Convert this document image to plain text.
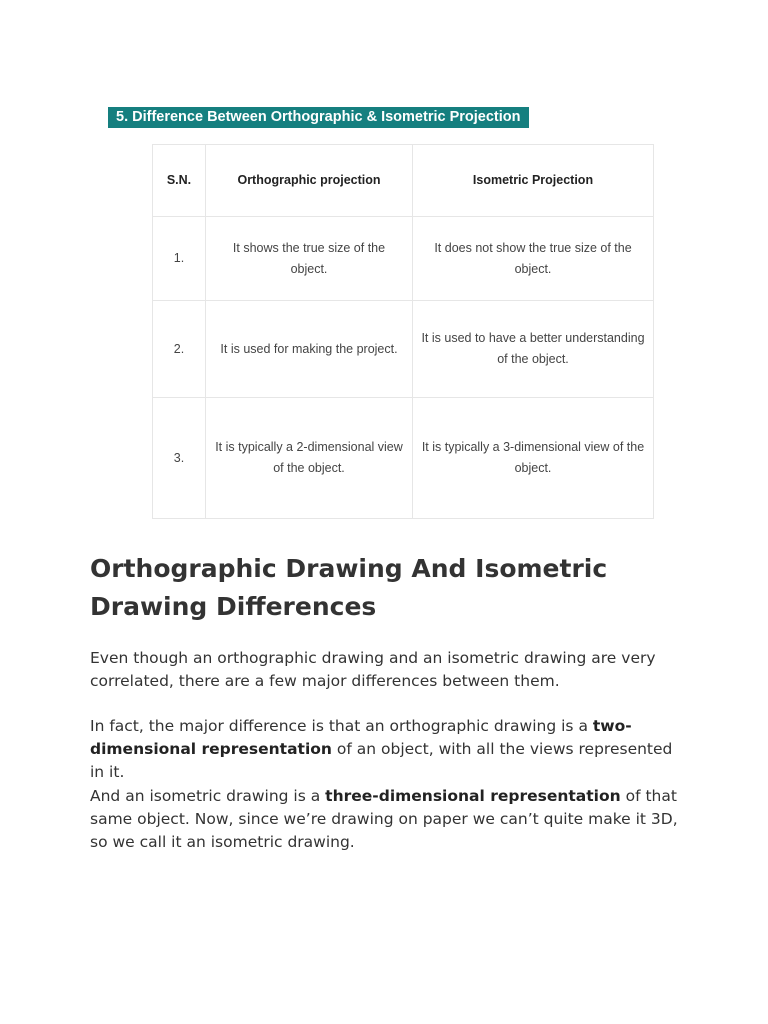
5. Difference Between Orthographic & Isometric Projection
S.N.	Orthographic projection	Isometric Projection
1.	It shows the true size of the object.	It does not show the true size of the object.
2.	It is used for making the project.	It is used to have a better understanding of the object.
3.	It is typically a 2-dimensional view of the object.	It is typically a 3-dimensional view of the object.
Orthographic Drawing And Isometric Drawing Differences

Even though an orthographic drawing and an isometric drawing are very correlated, there are a few major differences between them.

In fact, the major difference is that an orthographic drawing is a two-dimensional representation of an object, with all the views represented in it.

And an isometric drawing is a three-dimensional representation of that same object. Now, since we’re drawing on paper we can’t quite make it 3D, so we call it an isometric drawing.
